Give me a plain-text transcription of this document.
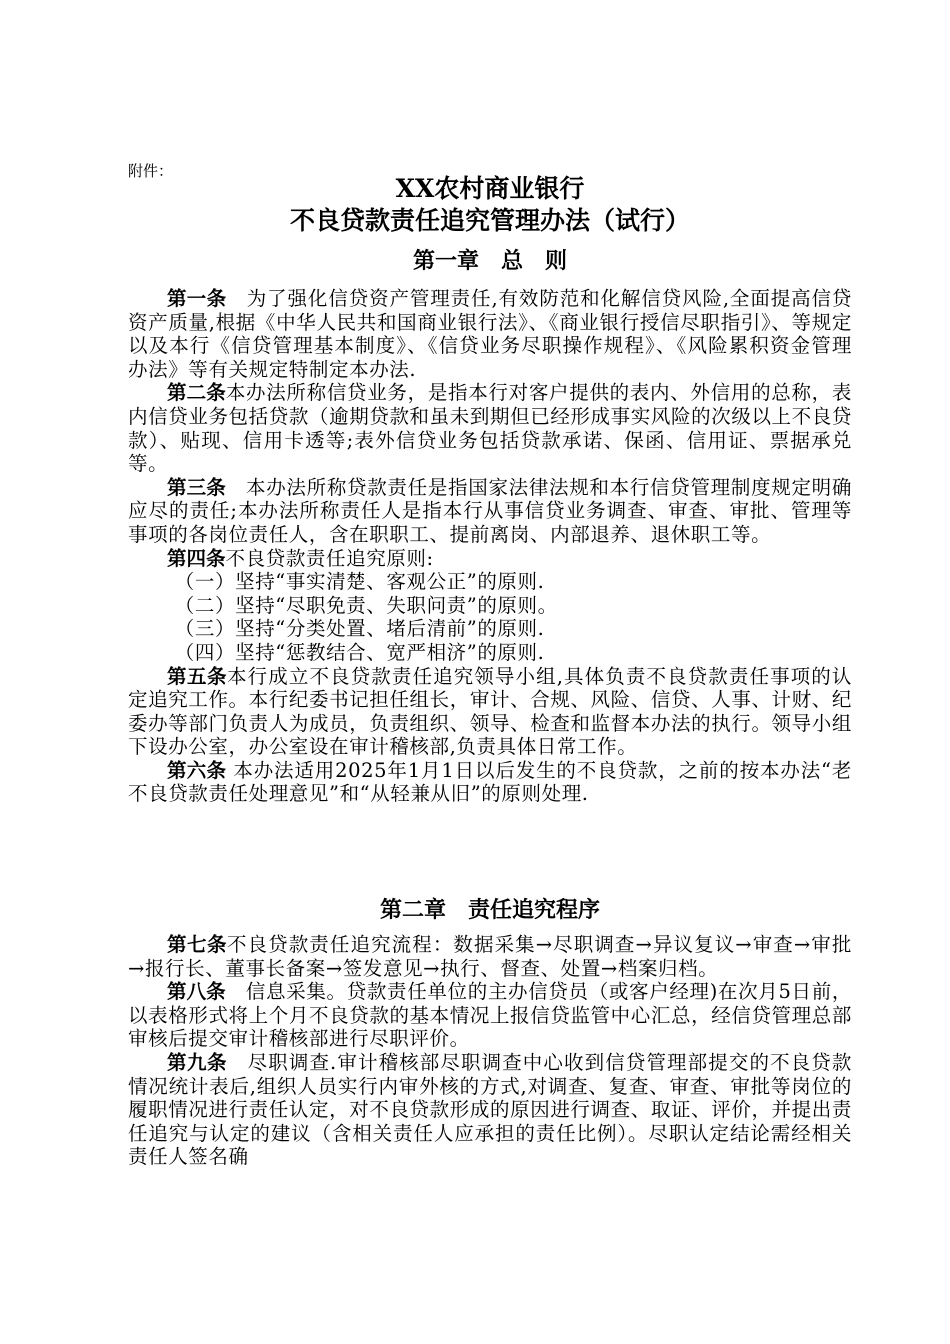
附件：
XX农村商业银行
不良贷款责任追究管理办法（试行）
第一章　总　则

第一条　为了强化信贷资产管理责任,有效防范和化解信贷风险,全面提高信贷资产质量,根据《中华人民共和国商业银行法》、《商业银行授信尽职指引》、等规定以及本行《信贷管理基本制度》、《信贷业务尽职操作规程》、《风险累积资金管理办法》等有关规定特制定本办法.

第二条本办法所称信贷业务，是指本行对客户提供的表内、外信用的总称，表内信贷业务包括贷款（逾期贷款和虽未到期但已经形成事实风险的次级以上不良贷款）、贴现、信用卡透等;表外信贷业务包括贷款承诺、保函、信用证、票据承兑等。

第三条　本办法所称贷款责任是指国家法律法规和本行信贷管理制度规定明确应尽的责任;本办法所称责任人是指本行从事信贷业务调查、审查、审批、管理等事项的各岗位责任人，含在职职工、提前离岗、内部退养、退休职工等。

第四条不良贷款责任追究原则:

（一）坚持“事实清楚、客观公正”的原则.

（二）坚持“尽职免责、失职问责”的原则。

（三）坚持“分类处置、堵后清前”的原则.

（四）坚持“惩教结合、宽严相济”的原则.

第五条本行成立不良贷款责任追究领导小组,具体负责不良贷款责任事项的认定追究工作。本行纪委书记担任组长，审计、合规、风险、信贷、人事、计财、纪委办等部门负责人为成员，负责组织、领导、检查和监督本办法的执行。领导小组下设办公室，办公室设在审计稽核部,负责具体日常工作。

第六条 本办法适用2025年1月1日以后发生的不良贷款，之前的按本办法“老不良贷款责任处理意见”和“从轻兼从旧”的原则处理.

第二章　责任追究程序

第七条不良贷款责任追究流程：数据采集→尽职调查→异议复议→审查→审批→报行长、董事长备案→签发意见→执行、督查、处置→档案归档。

第八条　信息采集。贷款责任单位的主办信贷员（或客户经理)在次月5日前，以表格形式将上个月不良贷款的基本情况上报信贷监管中心汇总，经信贷管理总部审核后提交审计稽核部进行尽职评价。

第九条　尽职调查.审计稽核部尽职调查中心收到信贷管理部提交的不良贷款情况统计表后,组织人员实行内审外核的方式,对调查、复查、审查、审批等岗位的履职情况进行责任认定，对不良贷款形成的原因进行调查、取证、评价，并提出责任追究与认定的建议（含相关责任人应承担的责任比例）。尽职认定结论需经相关责任人签名确
